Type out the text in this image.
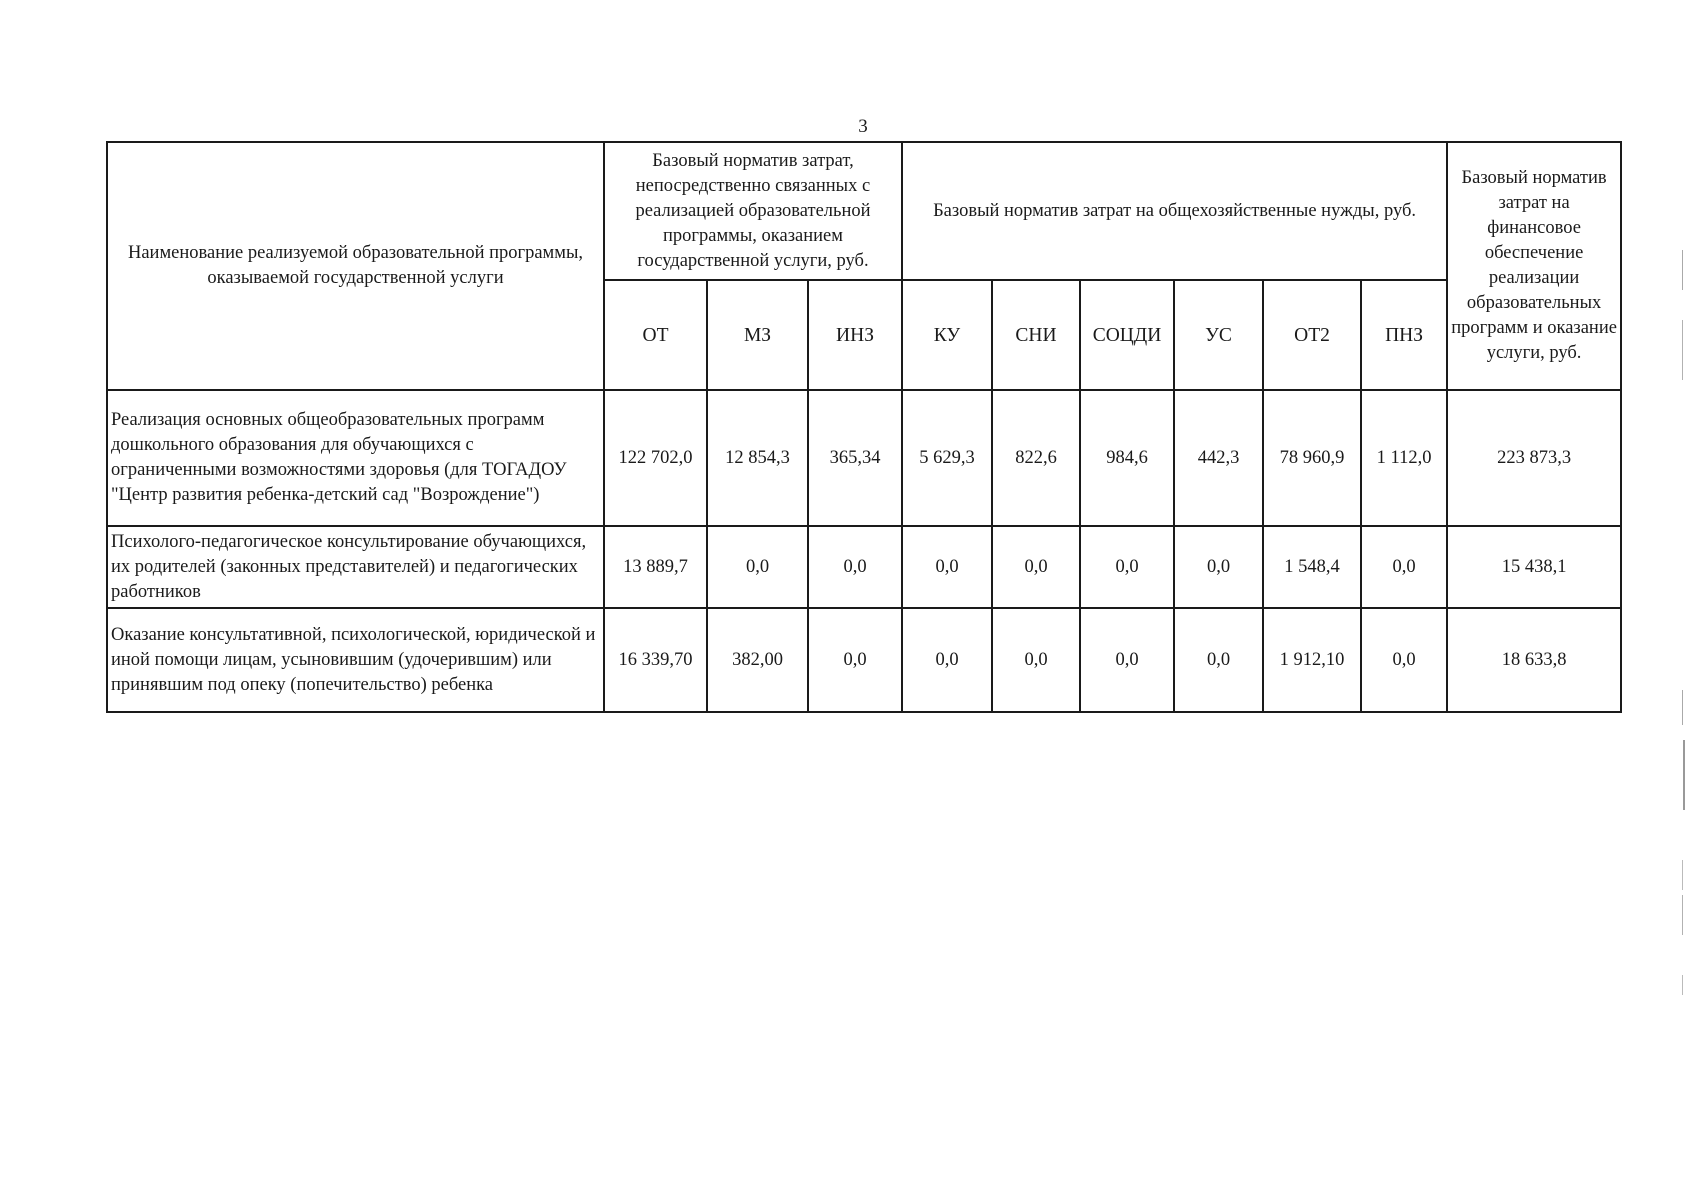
3
Наименование реализуемой образовательной программы, оказываемой государственной услуги	Базовый норматив затрат, непосредственно связанных с реализацией образовательной программы, оказанием государственной услуги, руб.			Базовый норматив затрат на общехозяйственные нужды, руб.						Базовый норматив затрат на финансовое обеспечение реализации образовательных программ и оказание услуги, руб.
	ОТ	МЗ	ИНЗ	КУ	СНИ	СОЦДИ	УС	ОТ2	ПНЗ	
Реализация основных общеобразовательных программ дошкольного образования для обучающихся с ограниченными возможностями здоровья (для ТОГАДОУ "Центр развития ребенка-детский сад "Возрождение")	122 702,0	12 854,3	365,34	5 629,3	822,6	984,6	442,3	78 960,9	1 112,0	223 873,3
Психолого-педагогическое консультирование обучающихся, их родителей (законных представителей) и педагогических работников	13 889,7	0,0	0,0	0,0	0,0	0,0	0,0	1 548,4	0,0	15 438,1
Оказание консультативной, психологической, юридической и иной помощи лицам, усыновившим (удочерившим) или принявшим под опеку (попечительство) ребенка	16 339,70	382,00	0,0	0,0	0,0	0,0	0,0	1 912,10	0,0	18 633,8
